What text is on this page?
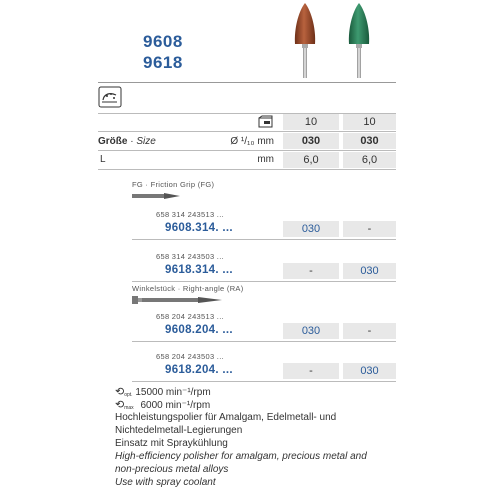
9608
9618
10	10
Größe · Size	Ø ¹/₁₀ mm	030	030
L	mm	6,0	6,0
FG · Friction Grip (FG)
658 314 243513 ...
9608.314. ...	030	-
658 314 243503 ...
9618.314. ...	-	030
Winkelstück · Right-angle (RA)
658 204 243513 ...
9608.204. ...	030	-
658 204 243503 ...
9618.204. ...	-	030
⟲opt. 15000 min⁻¹/rpm
⟲max 6000 min⁻¹/rpm
Hochleistungspolier für Amalgam, Edelmetall- und
Nichtedelmetall-Legierungen
Einsatz mit Spraykühlung
High-efficiency polisher for amalgam, precious metal and
non-precious metal alloys
Use with spray coolant
